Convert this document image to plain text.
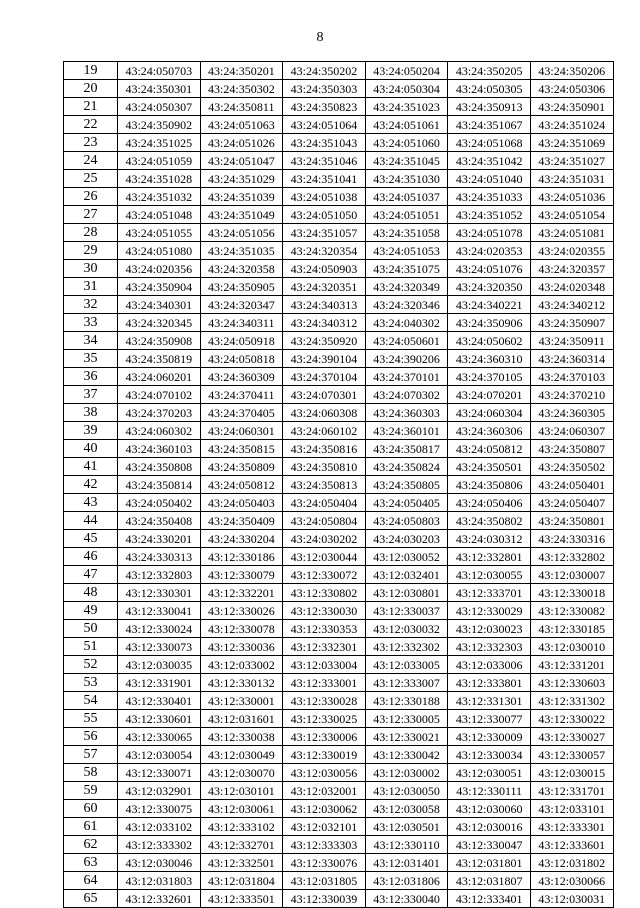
8
19	43:24:050703	43:24:350201	43:24:350202	43:24:050204	43:24:350205	43:24:350206
20	43:24:350301	43:24:350302	43:24:350303	43:24:050304	43:24:050305	43:24:050306
21	43:24:050307	43:24:350811	43:24:350823	43:24:351023	43:24:350913	43:24:350901
22	43:24:350902	43:24:051063	43:24:051064	43:24:051061	43:24:351067	43:24:351024
23	43:24:351025	43:24:051026	43:24:351043	43:24:051060	43:24:051068	43:24:351069
24	43:24:051059	43:24:051047	43:24:351046	43:24:351045	43:24:351042	43:24:351027
25	43:24:351028	43:24:351029	43:24:351041	43:24:351030	43:24:051040	43:24:351031
26	43:24:351032	43:24:351039	43:24:051038	43:24:051037	43:24:351033	43:24:051036
27	43:24:051048	43:24:351049	43:24:051050	43:24:051051	43:24:351052	43:24:051054
28	43:24:051055	43:24:051056	43:24:351057	43:24:351058	43:24:051078	43:24:051081
29	43:24:051080	43:24:351035	43:24:320354	43:24:051053	43:24:020353	43:24:020355
30	43:24:020356	43:24:320358	43:24:050903	43:24:351075	43:24:051076	43:24:320357
31	43:24:350904	43:24:350905	43:24:320351	43:24:320349	43:24:320350	43:24:020348
32	43:24:340301	43:24:320347	43:24:340313	43:24:320346	43:24:340221	43:24:340212
33	43:24:320345	43:24:340311	43:24:340312	43:24:040302	43:24:350906	43:24:350907
34	43:24:350908	43:24:050918	43:24:350920	43:24:050601	43:24:050602	43:24:350911
35	43:24:350819	43:24:050818	43:24:390104	43:24:390206	43:24:360310	43:24:360314
36	43:24:060201	43:24:360309	43:24:370104	43:24:370101	43:24:370105	43:24:370103
37	43:24:070102	43:24:370411	43:24:070301	43:24:070302	43:24:070201	43:24:370210
38	43:24:370203	43:24:370405	43:24:060308	43:24:360303	43:24:060304	43:24:360305
39	43:24:060302	43:24:060301	43:24:060102	43:24:360101	43:24:360306	43:24:060307
40	43:24:360103	43:24:350815	43:24:350816	43:24:350817	43:24:050812	43:24:350807
41	43:24:350808	43:24:350809	43:24:350810	43:24:350824	43:24:350501	43:24:350502
42	43:24:350814	43:24:050812	43:24:350813	43:24:350805	43:24:350806	43:24:050401
43	43:24:050402	43:24:050403	43:24:050404	43:24:050405	43:24:050406	43:24:050407
44	43:24:350408	43:24:350409	43:24:050804	43:24:050803	43:24:350802	43:24:350801
45	43:24:330201	43:24:330204	43:24:030202	43:24:030203	43:24:030312	43:24:330316
46	43:24:330313	43:12:330186	43:12:030044	43:12:030052	43:12:332801	43:12:332802
47	43:12:332803	43:12:330079	43:12:330072	43:12:032401	43:12:030055	43:12:030007
48	43:12:330301	43:12:332201	43:12:330802	43:12:030801	43:12:333701	43:12:330018
49	43:12:330041	43:12:330026	43:12:330030	43:12:330037	43:12:330029	43:12:330082
50	43:12:330024	43:12:330078	43:12:330353	43:12:030032	43:12:030023	43:12:330185
51	43:12:330073	43:12:330036	43:12:332301	43:12:332302	43:12:332303	43:12:030010
52	43:12:030035	43:12:033002	43:12:033004	43:12:033005	43:12:033006	43:12:331201
53	43:12:331901	43:12:330132	43:12:333001	43:12:333007	43:12:333801	43:12:330603
54	43:12:330401	43:12:330001	43:12:330028	43:12:330188	43:12:331301	43:12:331302
55	43:12:330601	43:12:031601	43:12:330025	43:12:330005	43:12:330077	43:12:330022
56	43:12:330065	43:12:330038	43:12:330006	43:12:330021	43:12:330009	43:12:330027
57	43:12:030054	43:12:030049	43:12:330019	43:12:330042	43:12:330034	43:12:330057
58	43:12:330071	43:12:030070	43:12:030056	43:12:030002	43:12:030051	43:12:030015
59	43:12:032901	43:12:030101	43:12:032001	43:12:030050	43:12:330111	43:12:331701
60	43:12:330075	43:12:030061	43:12:030062	43:12:030058	43:12:030060	43:12:033101
61	43:12:033102	43:12:333102	43:12:032101	43:12:030501	43:12:030016	43:12:333301
62	43:12:333302	43:12:332701	43:12:333303	43:12:330110	43:12:330047	43:12:333601
63	43:12:030046	43:12:332501	43:12:330076	43:12:031401	43:12:031801	43:12:031802
64	43:12:031803	43:12:031804	43:12:031805	43:12:031806	43:12:031807	43:12:030066
65	43:12:332601	43:12:333501	43:12:330039	43:12:330040	43:12:333401	43:12:030031
